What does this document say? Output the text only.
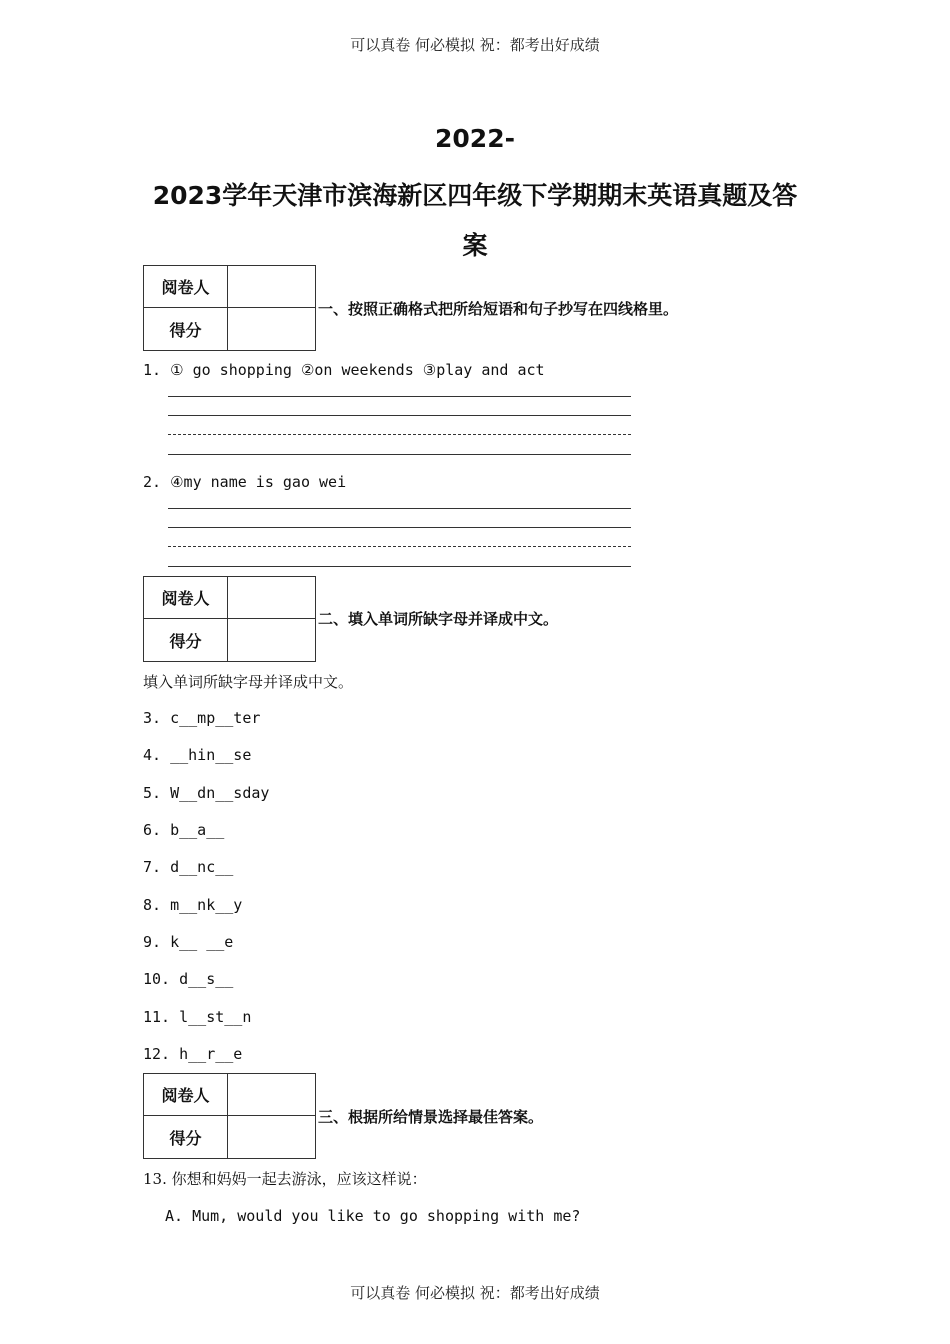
可以真卷 何必模拟 祝：都考出好成绩
2022-
2023学年天津市滨海新区四年级下学期期末英语真题及答
案
阅卷人
得分
一、按照正确格式把所给短语和句子抄写在四线格里。
1. ① go shopping ②on weekends ③play and act
2. ④my name is gao wei
阅卷人
得分
二、填入单词所缺字母并译成中文。
填入单词所缺字母并译成中文。
3. c__mp__ter
4. __hin__se
5. W__dn__sday
6. b__a__
7. d__nc__
8. m__nk__y
9. k__ __e
10. d__s__
11. l__st__n
12. h__r__e
阅卷人
得分
三、根据所给情景选择最佳答案。
13. 你想和妈妈一起去游泳，应该这样说：
A. Mum, would you like to go shopping with me?
可以真卷 何必模拟 祝：都考出好成绩
